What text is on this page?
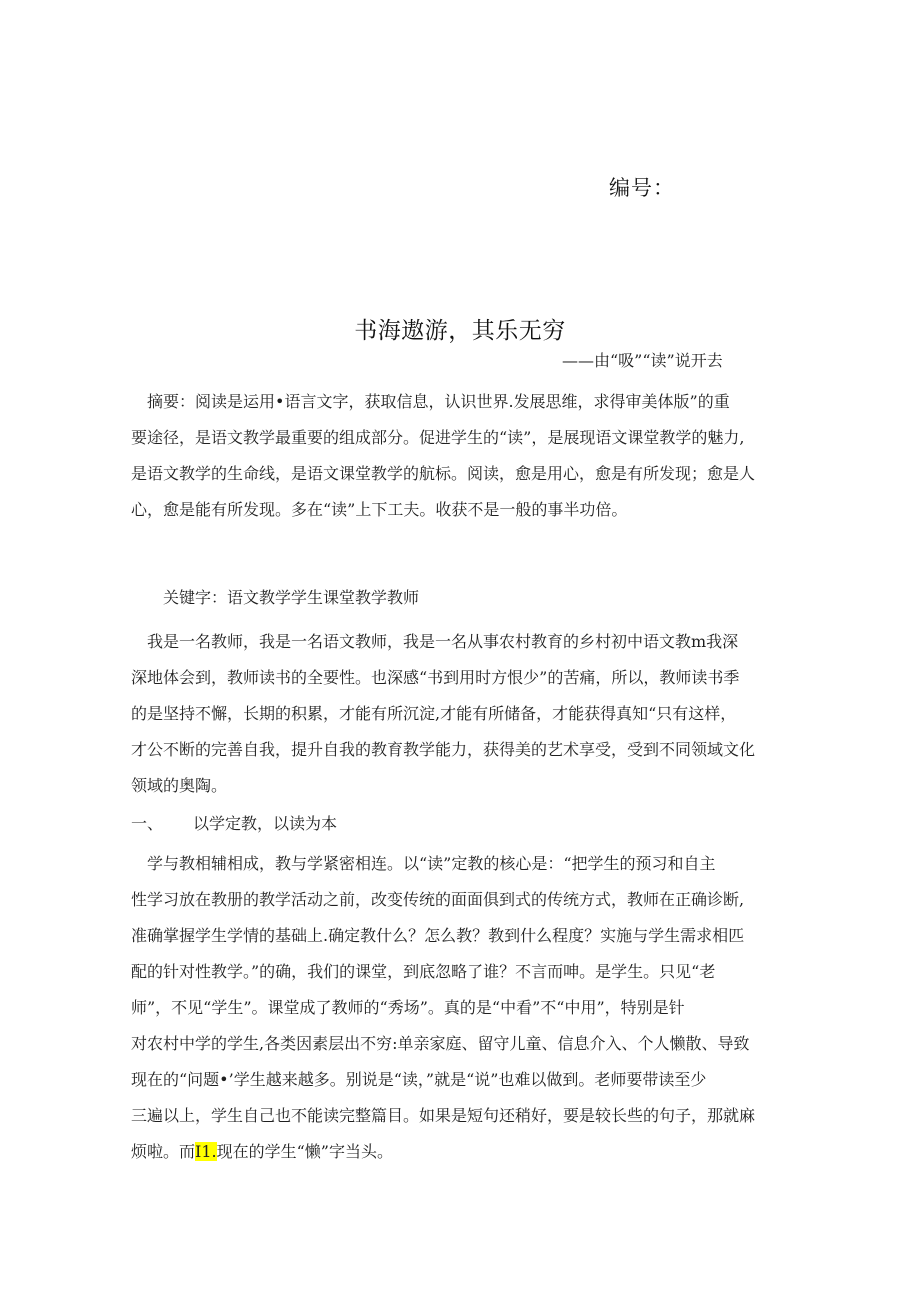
编号：
书海遨游，其乐无穷
——由“吸”“读”说开去
　摘要：阅读是运用•语言文字，获取信息，认识世界.发展思维，求得审美体版”的重
要途径，是语文教学最重要的组成部分。促进学生的“读”，是展现语文课堂教学的魅力,
是语文教学的生命线，是语文课堂教学的航标。阅读，愈是用心，愈是有所发现；愈是人
心，愈是能有所发现。多在“读”上下工夫。收获不是一般的事半功倍。
　　关键字：语文教学学生课堂教学教师
　我是一名教师，我是一名语文教师，我是一名从事农村教育的乡村初中语文教m我深
深地体会到，教师读书的全要性。也深感“书到用时方恨少”的苦痛，所以，教师读书季
的是坚持不懈，长期的积累，才能有所沉淀,才能有所储备，才能获得真知“只有这样，
才公不断的完善自我，提升自我的教育教学能力，获得美的艺术享受，受到不同领域文化
领域的奥陶。
一、 以学定教，以读为本
　学与教相辅相成，教与学紧密相连。以“读”定教的核心是：“把学生的预习和自主
性学习放在教册的教学活动之前，改变传统的面面俱到式的传统方式，教师在正确诊断,
准确掌握学生学情的基础上.确定教什么？怎么教？教到什么程度？实施与学生需求相匹
配的针对性教学。”的确，我们的课堂，到底忽略了谁？不言而呻。是学生。只见“老
师”，不见“学生”。课堂成了教师的“秀场”。真的是“中看”不“中用”，特别是针
对农村中学的学生,各类因素层出不穷:单亲家庭、留守儿童、信息介入、个人懒散、导致
现在的“问题•’学生越来越多。别说是“读，”就是“说”也难以做到。老师要带读至少
三遍以上，学生自己也不能读完整篇目。如果是短句还稍好，要是较长些的句子，那就麻
烦啦。而I1.现在的学生“懒”字当头。
